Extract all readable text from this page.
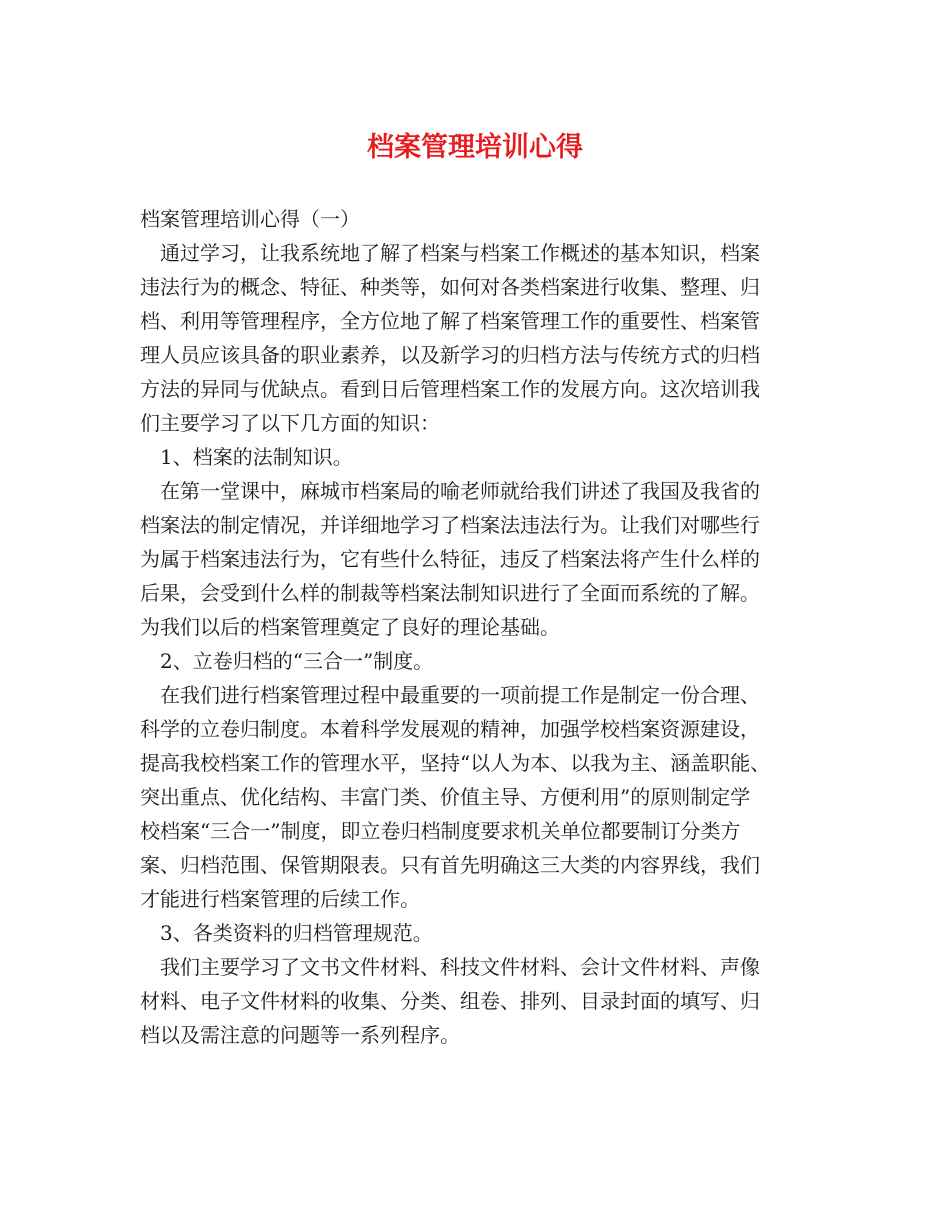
档案管理培训心得
档案管理培训心得（一）
　通过学习，让我系统地了解了档案与档案工作概述的基本知识，档案
违法行为的概念、特征、种类等，如何对各类档案进行收集、整理、归
档、利用等管理程序，全方位地了解了档案管理工作的重要性、档案管
理人员应该具备的职业素养，以及新学习的归档方法与传统方式的归档
方法的异同与优缺点。看到日后管理档案工作的发展方向。这次培训我
们主要学习了以下几方面的知识：
　1、档案的法制知识。
　在第一堂课中，麻城市档案局的喻老师就给我们讲述了我国及我省的
档案法的制定情况，并详细地学习了档案法违法行为。让我们对哪些行
为属于档案违法行为，它有些什么特征，违反了档案法将产生什么样的
后果，会受到什么样的制裁等档案法制知识进行了全面而系统的了解。
为我们以后的档案管理奠定了良好的理论基础。
　2、立卷归档的“三合一”制度。
　在我们进行档案管理过程中最重要的一项前提工作是制定一份合理、
科学的立卷归制度。本着科学发展观的精神，加强学校档案资源建设，
提高我校档案工作的管理水平，坚持“以人为本、以我为主、涵盖职能、
突出重点、优化结构、丰富门类、价值主导、方便利用”的原则制定学
校档案“三合一”制度，即立卷归档制度要求机关单位都要制订分类方
案、归档范围、保管期限表。只有首先明确这三大类的内容界线，我们
才能进行档案管理的后续工作。
　3、各类资料的归档管理规范。
　我们主要学习了文书文件材料、科技文件材料、会计文件材料、声像
材料、电子文件材料的收集、分类、组卷、排列、目录封面的填写、归
档以及需注意的问题等一系列程序。
